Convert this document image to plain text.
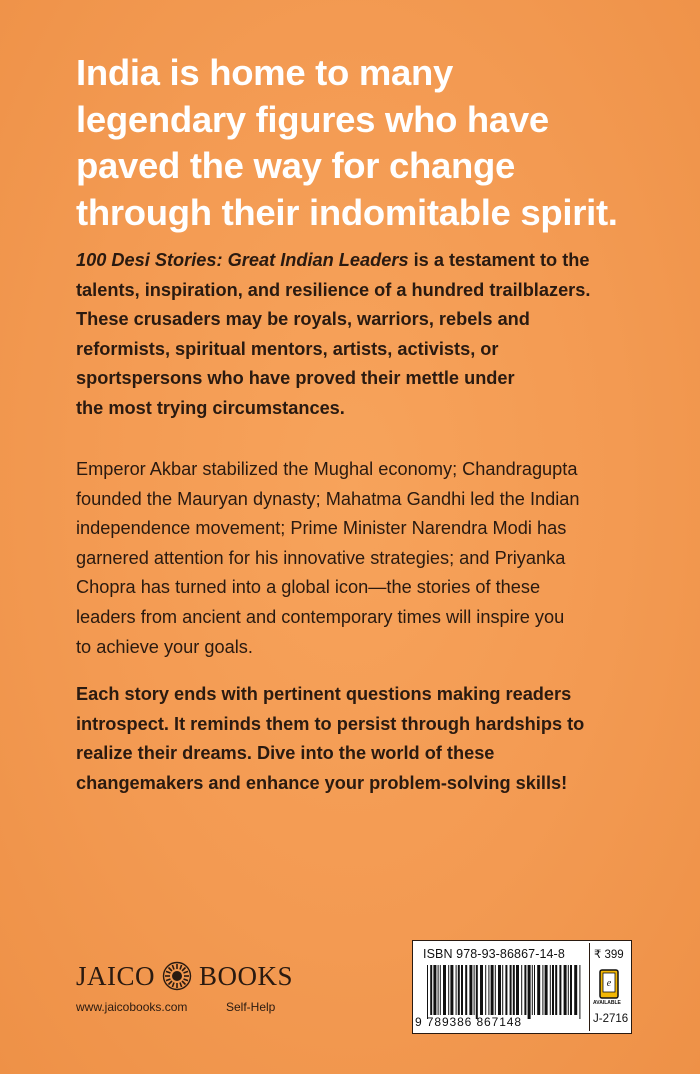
India is home to many
legendary figures who have
paved the way for change
through their indomitable spirit.
100 Desi Stories: Great Indian Leaders is a testament to the
talents, inspiration, and resilience of a hundred trailblazers.
These crusaders may be royals, warriors, rebels and
reformists, spiritual mentors, artists, activists, or
sportspersons who have proved their mettle under
the most trying circumstances.
Emperor Akbar stabilized the Mughal economy; Chandragupta
founded the Mauryan dynasty; Mahatma Gandhi led the Indian
independence movement; Prime Minister Narendra Modi has
garnered attention for his innovative strategies; and Priyanka
Chopra has turned into a global icon—the stories of these
leaders from ancient and contemporary times will inspire you
to achieve your goals.
Each story ends with pertinent questions making readers
introspect. It reminds them to persist through hardships to
realize their dreams. Dive into the world of these
changemakers and enhance your problem-solving skills!
JAICO BOOKS
www.jaicobooks.com	Self-Help
ISBN 978-93-86867-14-8
9 789386 867148
₹ 399
e
AVAILABLE
J-2716
